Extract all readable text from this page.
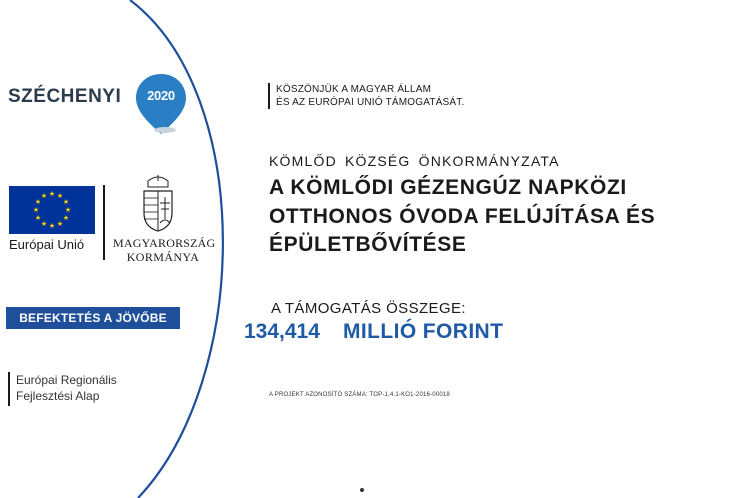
SZÉCHENYI	2020
★ ★
★
★
★
★
★
★
★
★
★
★
Európai Unió MAGYARORSZÁG
KORMÁNYA
BEFEKTETÉS A JÖVŐBE
Európai Regionális
Fejlesztési Alap
KÖSZÖNJÜK A MAGYAR ÁLLAM
ÉS AZ EURÓPAI UNIÓ TÁMOGATÁSÁT.
KÖMLŐD KÖZSÉG ÖNKORMÁNYZATA
A KÖMLŐDI GÉZENGÚZ NAPKÖZI
OTTHONOS ÓVODA FELÚJÍTÁSA ÉS
ÉPÜLETBŐVÍTÉSE
A TÁMOGATÁS ÖSSZEGE:
134,414 MILLIÓ FORINT
A PROJEKT AZONOSÍTÓ SZÁMA: TOP-1.4.1-KO1-2016-00018
